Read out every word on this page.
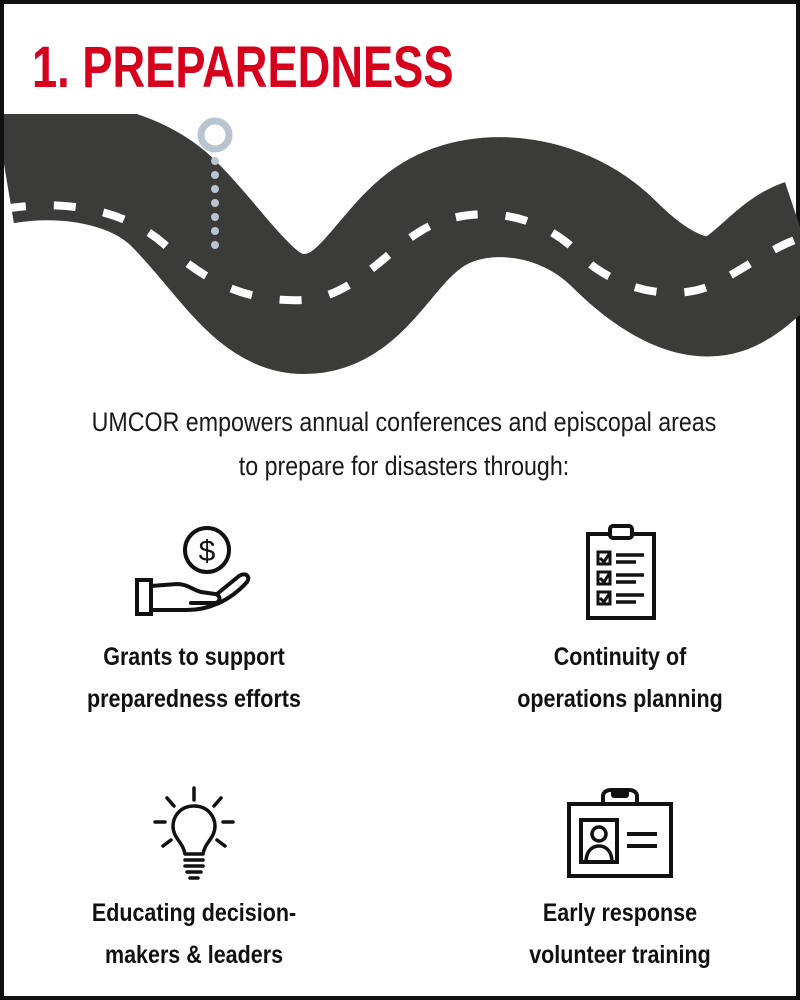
1. PREPAREDNESS
UMCOR empowers annual conferences and episcopal areas
to prepare for disasters through:
$
Grants to support
preparedness efforts
Continuity of
operations planning
Educating decision-
makers & leaders
Early response
volunteer training
